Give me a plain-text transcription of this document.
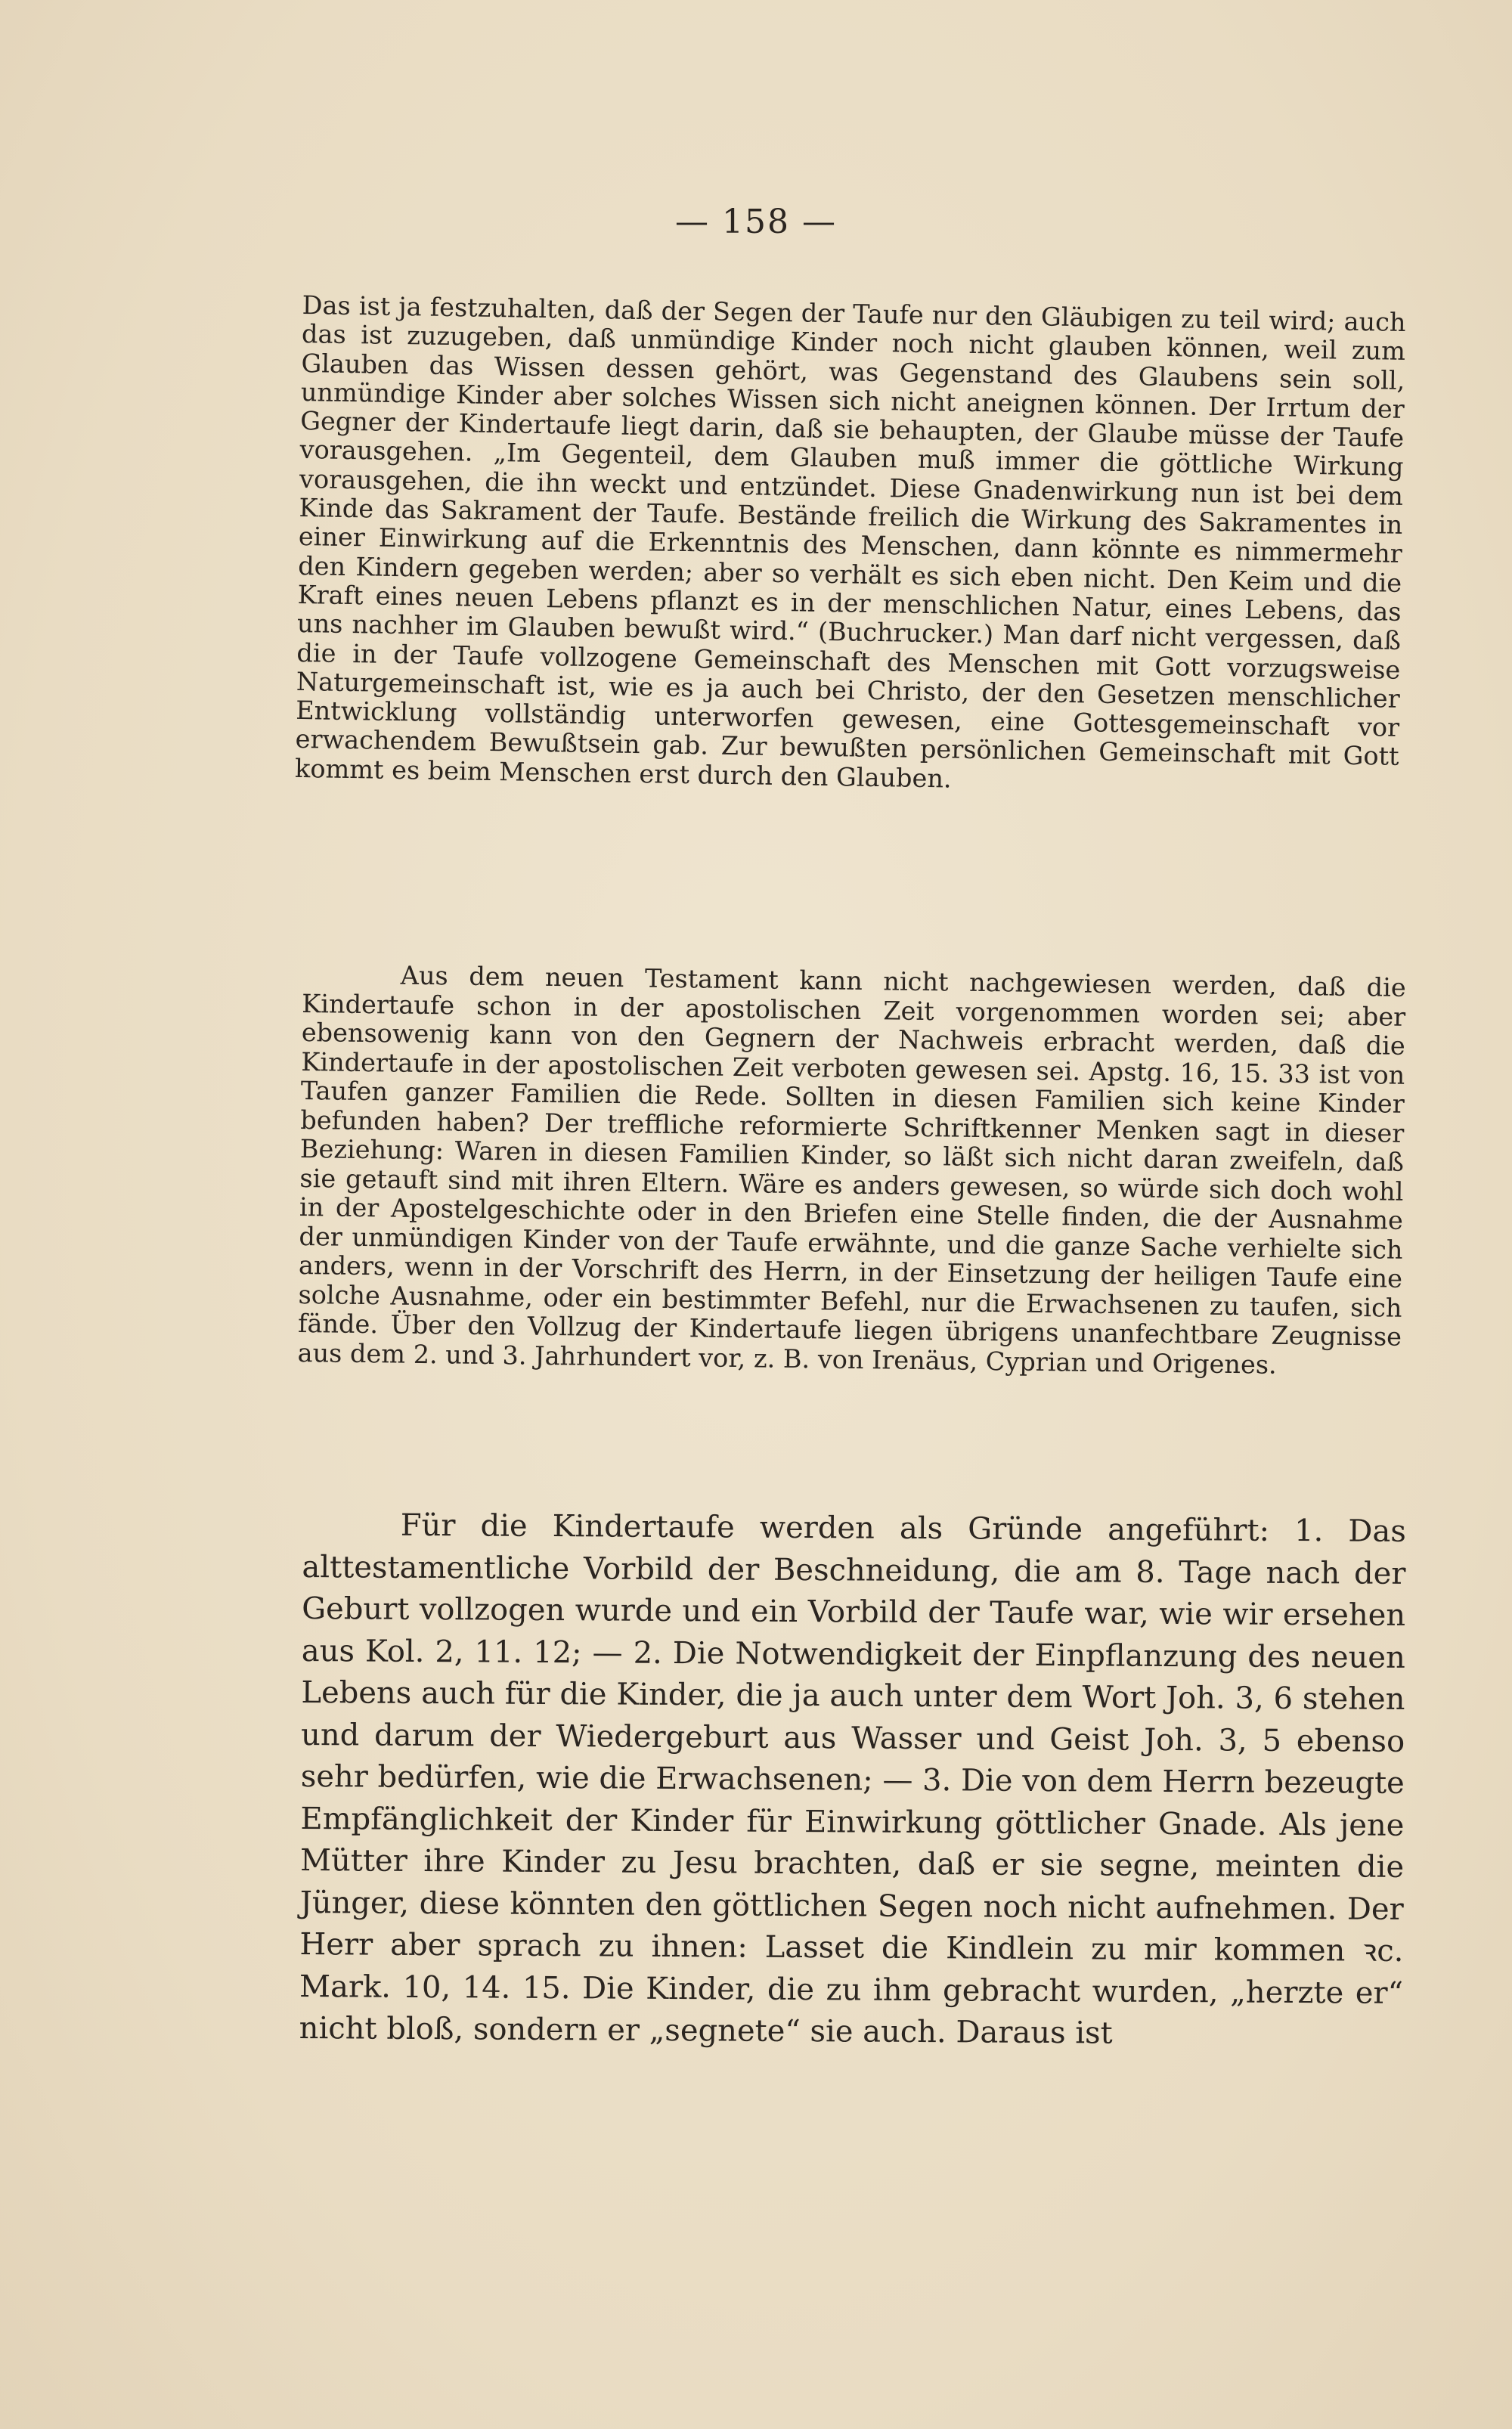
— 158 —

Das ist ja festzuhalten, daß der Segen der Taufe nur den Gläubigen zu teil wird; auch das ist zuzugeben, daß unmündige Kinder noch nicht glauben können, weil zum Glauben das Wissen dessen gehört, was Gegenstand des Glaubens sein soll, unmündige Kinder aber solches Wissen sich nicht aneignen können. Der Irrtum der Gegner der Kindertaufe liegt darin, daß sie behaupten, der Glaube müsse der Taufe vorausgehen. „Im Gegenteil, dem Glauben muß immer die göttliche Wirkung vorausgehen, die ihn weckt und entzündet. Diese Gnadenwirkung nun ist bei dem Kinde das Sakrament der Taufe. Bestände freilich die Wirkung des Sakramentes in einer Einwirkung auf die Erkenntnis des Menschen, dann könnte es nimmermehr den Kindern gegeben werden; aber so verhält es sich eben nicht. Den Keim und die Kraft eines neuen Lebens pflanzt es in der menschlichen Natur, eines Lebens, das uns nachher im Glauben bewußt wird.“ (Buchrucker.) Man darf nicht vergessen, daß die in der Taufe vollzogene Gemeinschaft des Menschen mit Gott vorzugsweise Naturgemeinschaft ist, wie es ja auch bei Christo, der den Gesetzen menschlicher Entwicklung vollständig unterworfen gewesen, eine Gottesgemeinschaft vor erwachendem Bewußtsein gab. Zur bewußten persönlichen Gemeinschaft mit Gott kommt es beim Menschen erst durch den Glauben.

Aus dem neuen Testament kann nicht nachgewiesen werden, daß die Kindertaufe schon in der apostolischen Zeit vorgenommen worden sei; aber ebensowenig kann von den Gegnern der Nachweis erbracht werden, daß die Kindertaufe in der apostolischen Zeit verboten gewesen sei. Apstg. 16, 15. 33 ist von Taufen ganzer Familien die Rede. Sollten in diesen Familien sich keine Kinder befunden haben? Der treffliche reformierte Schriftkenner Menken sagt in dieser Beziehung: Waren in diesen Familien Kinder, so läßt sich nicht daran zweifeln, daß sie getauft sind mit ihren Eltern. Wäre es anders gewesen, so würde sich doch wohl in der Apostelgeschichte oder in den Briefen eine Stelle finden, die der Ausnahme der unmündigen Kinder von der Taufe erwähnte, und die ganze Sache verhielte sich anders, wenn in der Vorschrift des Herrn, in der Einsetzung der heiligen Taufe eine solche Ausnahme, oder ein bestimmter Befehl, nur die Erwachsenen zu taufen, sich fände. Über den Vollzug der Kindertaufe liegen übrigens unanfechtbare Zeugnisse aus dem 2. und 3. Jahrhundert vor, z. B. von Irenäus, Cyprian und Origenes.

Für die Kindertaufe werden als Gründe angeführt: 1. Das alttestamentliche Vorbild der Beschneidung, die am 8. Tage nach der Geburt vollzogen wurde und ein Vorbild der Taufe war, wie wir ersehen aus Kol. 2, 11. 12; — 2. Die Notwendigkeit der Einpflanzung des neuen Lebens auch für die Kinder, die ja auch unter dem Wort Joh. 3, 6 stehen und darum der Wiedergeburt aus Wasser und Geist Joh. 3, 5 ebenso sehr bedürfen, wie die Erwachsenen; — 3. Die von dem Herrn bezeugte Empfänglichkeit der Kinder für Einwirkung göttlicher Gnade. Als jene Mütter ihre Kinder zu Jesu brachten, daß er sie segne, meinten die Jünger, diese könnten den göttlichen Segen noch nicht aufnehmen. Der Herr aber sprach zu ihnen: Lasset die Kindlein zu mir kommen ꝛc. Mark. 10, 14. 15. Die Kinder, die zu ihm gebracht wurden, „herzte er“ nicht bloß, sondern er „segnete“ sie auch. Daraus ist
